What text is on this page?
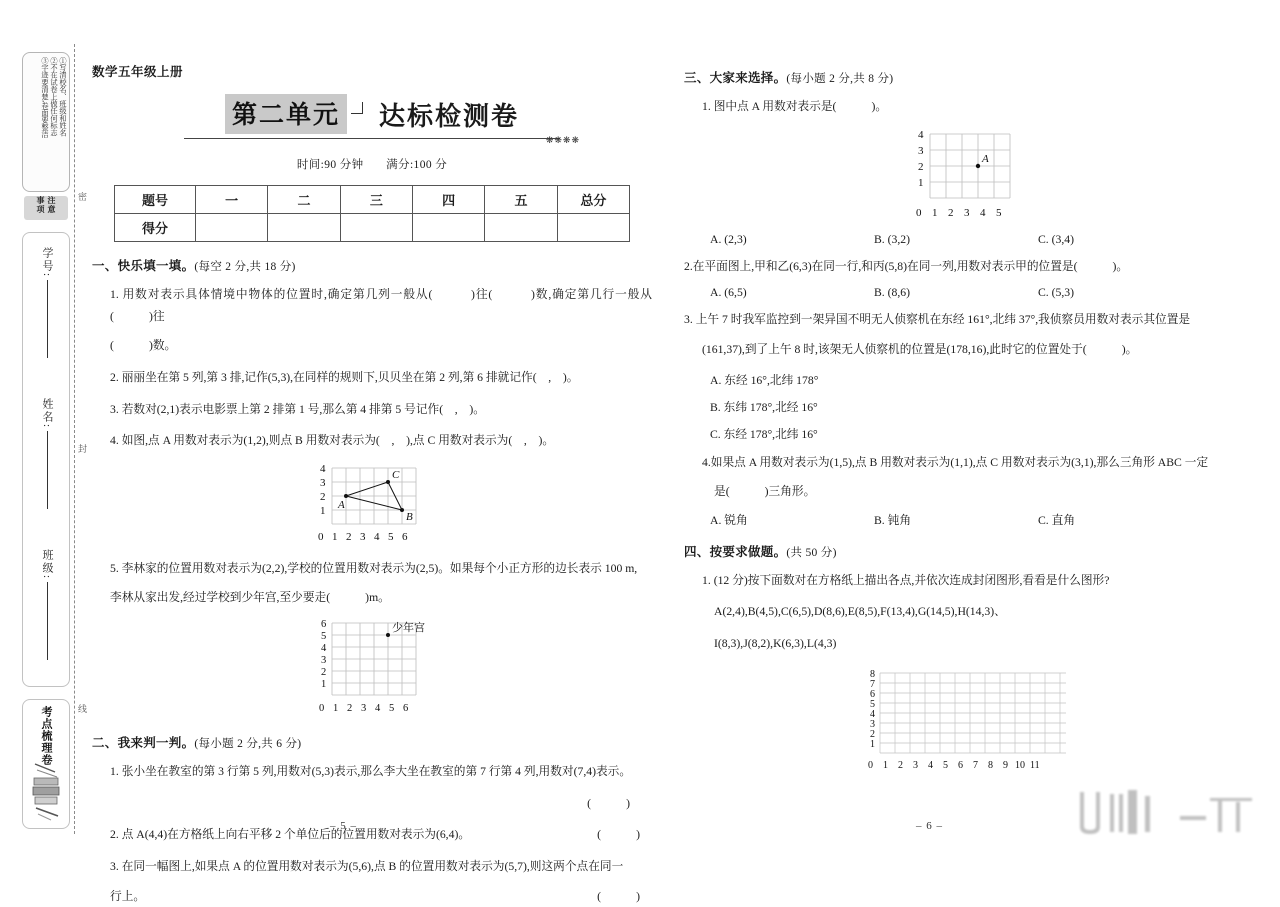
密
封
线
①写清校名、班级和姓名
②不在试卷上做任何标志
③字迹要清楚,卷面要整洁
注意事项
学号:
姓名:
班级:
考点梳理卷
数学五年级上册
第二单元 达标检测卷
❋❋❋❋
时间:90 分钟 满分:100 分
题号	一	二	三	四	五	总分
得分						
一、快乐填一填。(每空 2 分,共 18 分)
1. 用数对表示具体情境中物体的位置时,确定第几列一般从(　　　)往(　　　)数,确定第几行一般从(　　　)往
(　　　)数。
2. 丽丽坐在第 5 列,第 3 排,记作(5,3),在同样的规则下,贝贝坐在第 2 列,第 6 排就记作(　,　)。
3. 若数对(2,1)表示电影票上第 2 排第 1 号,那么第 4 排第 5 号记作(　,　)。
4. 如图,点 A 用数对表示为(1,2),则点 B 用数对表示为(　,　),点 C 用数对表示为(　,　)。
4
3
2
1
0 1 2 3 4 5 6
A
C
B
5. 李林家的位置用数对表示为(2,2),学校的位置用数对表示为(2,5)。如果每个小正方形的边长表示 100 m,
李林从家出发,经过学校到少年宫,至少要走(　　　)m。
6
5
4
3
2
1
0 1 2 3 4 5 6
少年宫
二、我来判一判。(每小题 2 分,共 6 分)
1. 张小坐在教室的第 3 行第 5 列,用数对(5,3)表示,那么李大坐在教室的第 7 行第 4 列,用数对(7,4)表示。
(　　　)
2. 点 A(4,4)在方格纸上向右平移 2 个单位后的位置用数对表示为(6,4)。	(　　　)
3. 在同一幅图上,如果点 A 的位置用数对表示为(5,6),点 B 的位置用数对表示为(5,7),则这两个点在同一
行上。	(　　　)
– 5 –
三、大家来选择。(每小题 2 分,共 8 分)
1. 图中点 A 用数对表示是(　　　)。
4
3
2
1
0 1 2 3 4 5
A
A. (2,3)	B. (3,2)	C. (3,4)
2.在平面图上,甲和乙(6,3)在同一行,和丙(5,8)在同一列,用数对表示甲的位置是(　　　)。
A. (6,5)	B. (8,6)	C. (5,3)
3. 上午 7 时我军监控到一架异国不明无人侦察机在东经 161°,北纬 37°,我侦察员用数对表示其位置是
(161,37),到了上午 8 时,该架无人侦察机的位置是(178,16),此时它的位置处于(　　　)。
A. 东经 16°,北纬 178°
B. 东纬 178°,北经 16°
C. 东经 178°,北纬 16°
4.如果点 A 用数对表示为(1,5),点 B 用数对表示为(1,1),点 C 用数对表示为(3,1),那么三角形 ABC 一定
是(　　　)三角形。
A. 锐角	B. 钝角	C. 直角
四、按要求做题。(共 50 分)
1. (12 分)按下面数对在方格纸上描出各点,并依次连成封闭图形,看看是什么图形?
A(2,4),B(4,5),C(6,5),D(8,6),E(8,5),F(13,4),G(14,5),H(14,3)、
I(8,3),J(8,2),K(6,3),L(4,3)
8
7
6
5
4
3
2
1
0 1 2 3 4 5 6 7 8 9 10 11
– 6 –
